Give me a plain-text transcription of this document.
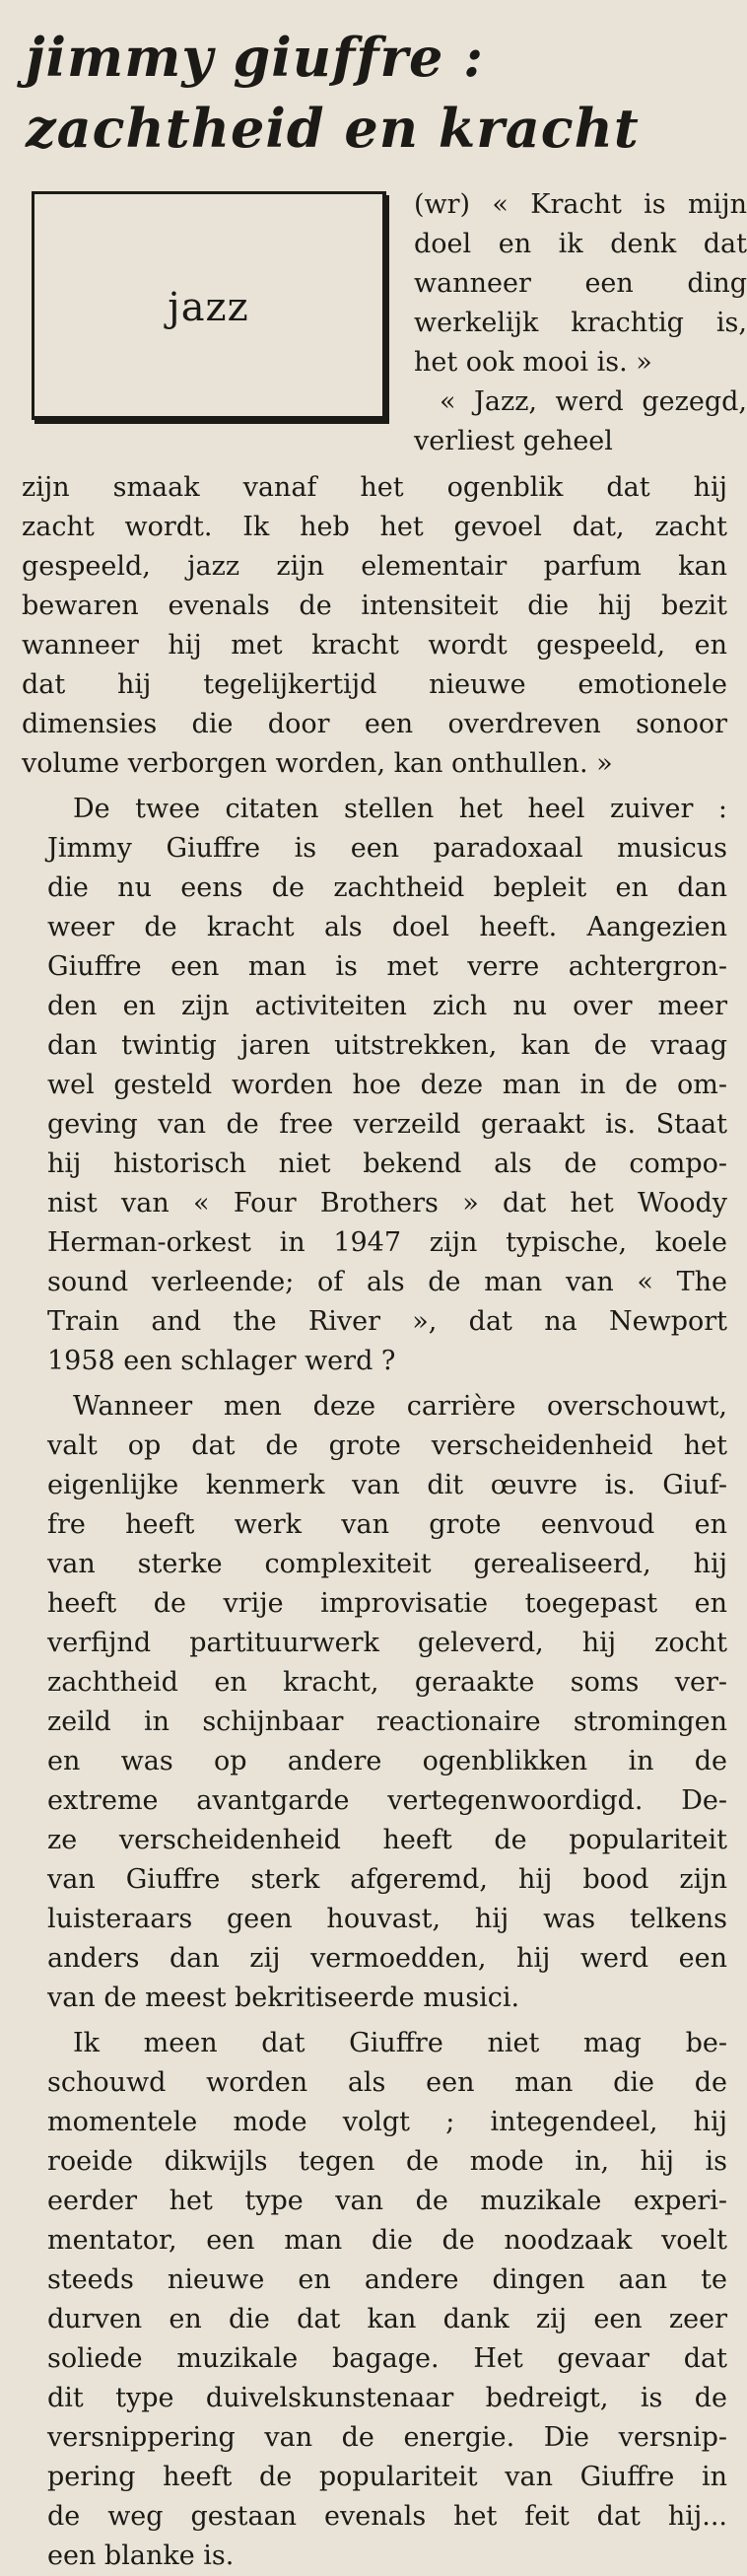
jimmy giuffre :
zachtheid en kracht
jazz

(wr) « Kracht is mijn doel en ik denk dat wanneer een ding werkelijk krachtig is, het ook mooi is. »

« Jazz, werd gezegd, verliest geheel

zijn smaak vanaf het ogenblik dat hij
zacht wordt. Ik heb het gevoel dat, zacht
gespeeld, jazz zijn elementair parfum kan
bewaren evenals de intensiteit die hij bezit
wanneer hij met kracht wordt gespeeld, en
dat hij tegelijkertijd nieuwe emotionele
dimensies die door een overdreven sonoor
volume verborgen worden, kan onthullen. »

De twee citaten stellen het heel zuiver :
Jimmy Giuffre is een paradoxaal musicus
die nu eens de zachtheid bepleit en dan
weer de kracht als doel heeft. Aangezien
Giuffre een man is met verre achtergron-
den en zijn activiteiten zich nu over meer
dan twintig jaren uitstrekken, kan de vraag
wel gesteld worden hoe deze man in de om-
geving van de free verzeild geraakt is. Staat
hij historisch niet bekend als de compo-
nist van « Four Brothers » dat het Woody
Herman-orkest in 1947 zijn typische, koele
sound verleende; of als de man van « The
Train and the River », dat na Newport
1958 een schlager werd ?

Wanneer men deze carrière overschouwt,
valt op dat de grote verscheidenheid het
eigenlijke kenmerk van dit œuvre is. Giuf-
fre heeft werk van grote eenvoud en
van sterke complexiteit gerealiseerd, hij
heeft de vrije improvisatie toegepast en
verfijnd partituurwerk geleverd, hij zocht
zachtheid en kracht, geraakte soms ver-
zeild in schijnbaar reactionaire stromingen
en was op andere ogenblikken in de
extreme avantgarde vertegenwoordigd. De-
ze verscheidenheid heeft de populariteit
van Giuffre sterk afgeremd, hij bood zijn
luisteraars geen houvast, hij was telkens
anders dan zij vermoedden, hij werd een
van de meest bekritiseerde musici.

Ik meen dat Giuffre niet mag be-
schouwd worden als een man die de
momentele mode volgt ; integendeel, hij
roeide dikwijls tegen de mode in, hij is
eerder het type van de muzikale experi-
mentator, een man die de noodzaak voelt
steeds nieuwe en andere dingen aan te
durven en die dat kan dank zij een zeer
soliede muzikale bagage. Het gevaar dat
dit type duivelskunstenaar bedreigt, is de
versnippering van de energie. Die versnip-
pering heeft de populariteit van Giuffre in
de weg gestaan evenals het feit dat hij...
een blanke is.
